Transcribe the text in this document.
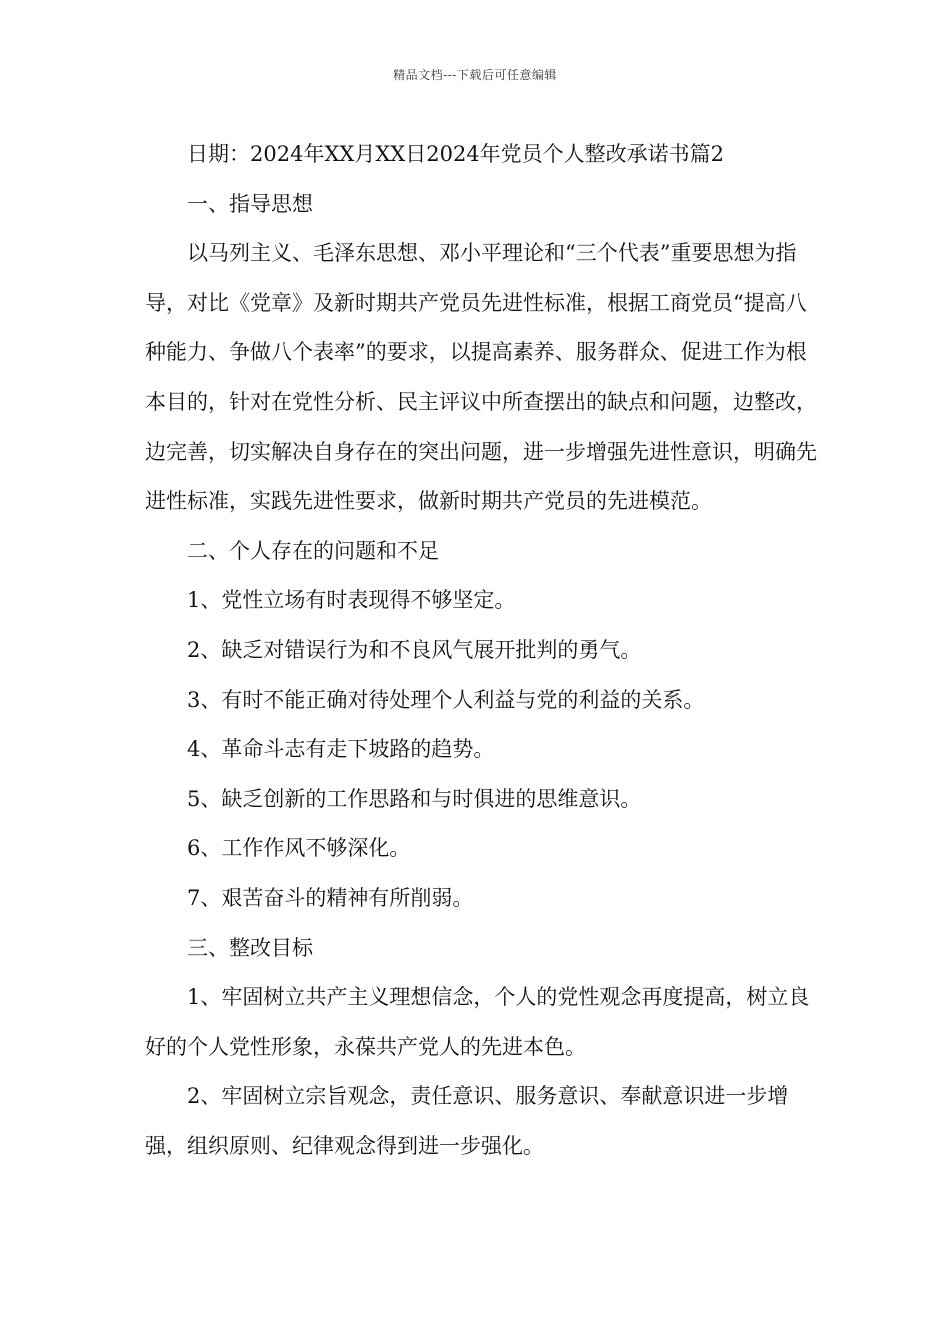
精品文档---下载后可任意编辑

日期：2024年XX月XX日2024年党员个人整改承诺书篇2

一、指导思想

以马列主义、毛泽东思想、邓小平理论和“三个代表”重要思想为指导，对比《党章》及新时期共产党员先进性标准，根据工商党员“提高八种能力、争做八个表率”的要求，以提高素养、服务群众、促进工作为根本目的，针对在党性分析、民主评议中所查摆出的缺点和问题，边整改，边完善，切实解决自身存在的突出问题，进一步增强先进性意识，明确先进性标准，实践先进性要求，做新时期共产党员的先进模范。

二、个人存在的问题和不足

1、党性立场有时表现得不够坚定。

2、缺乏对错误行为和不良风气展开批判的勇气。

3、有时不能正确对待处理个人利益与党的利益的关系。

4、革命斗志有走下坡路的趋势。

5、缺乏创新的工作思路和与时俱进的思维意识。

6、工作作风不够深化。

7、艰苦奋斗的精神有所削弱。

三、整改目标

1、牢固树立共产主义理想信念，个人的党性观念再度提高，树立良好的个人党性形象，永葆共产党人的先进本色。

2、牢固树立宗旨观念，责任意识、服务意识、奉献意识进一步增强，组织原则、纪律观念得到进一步强化。
